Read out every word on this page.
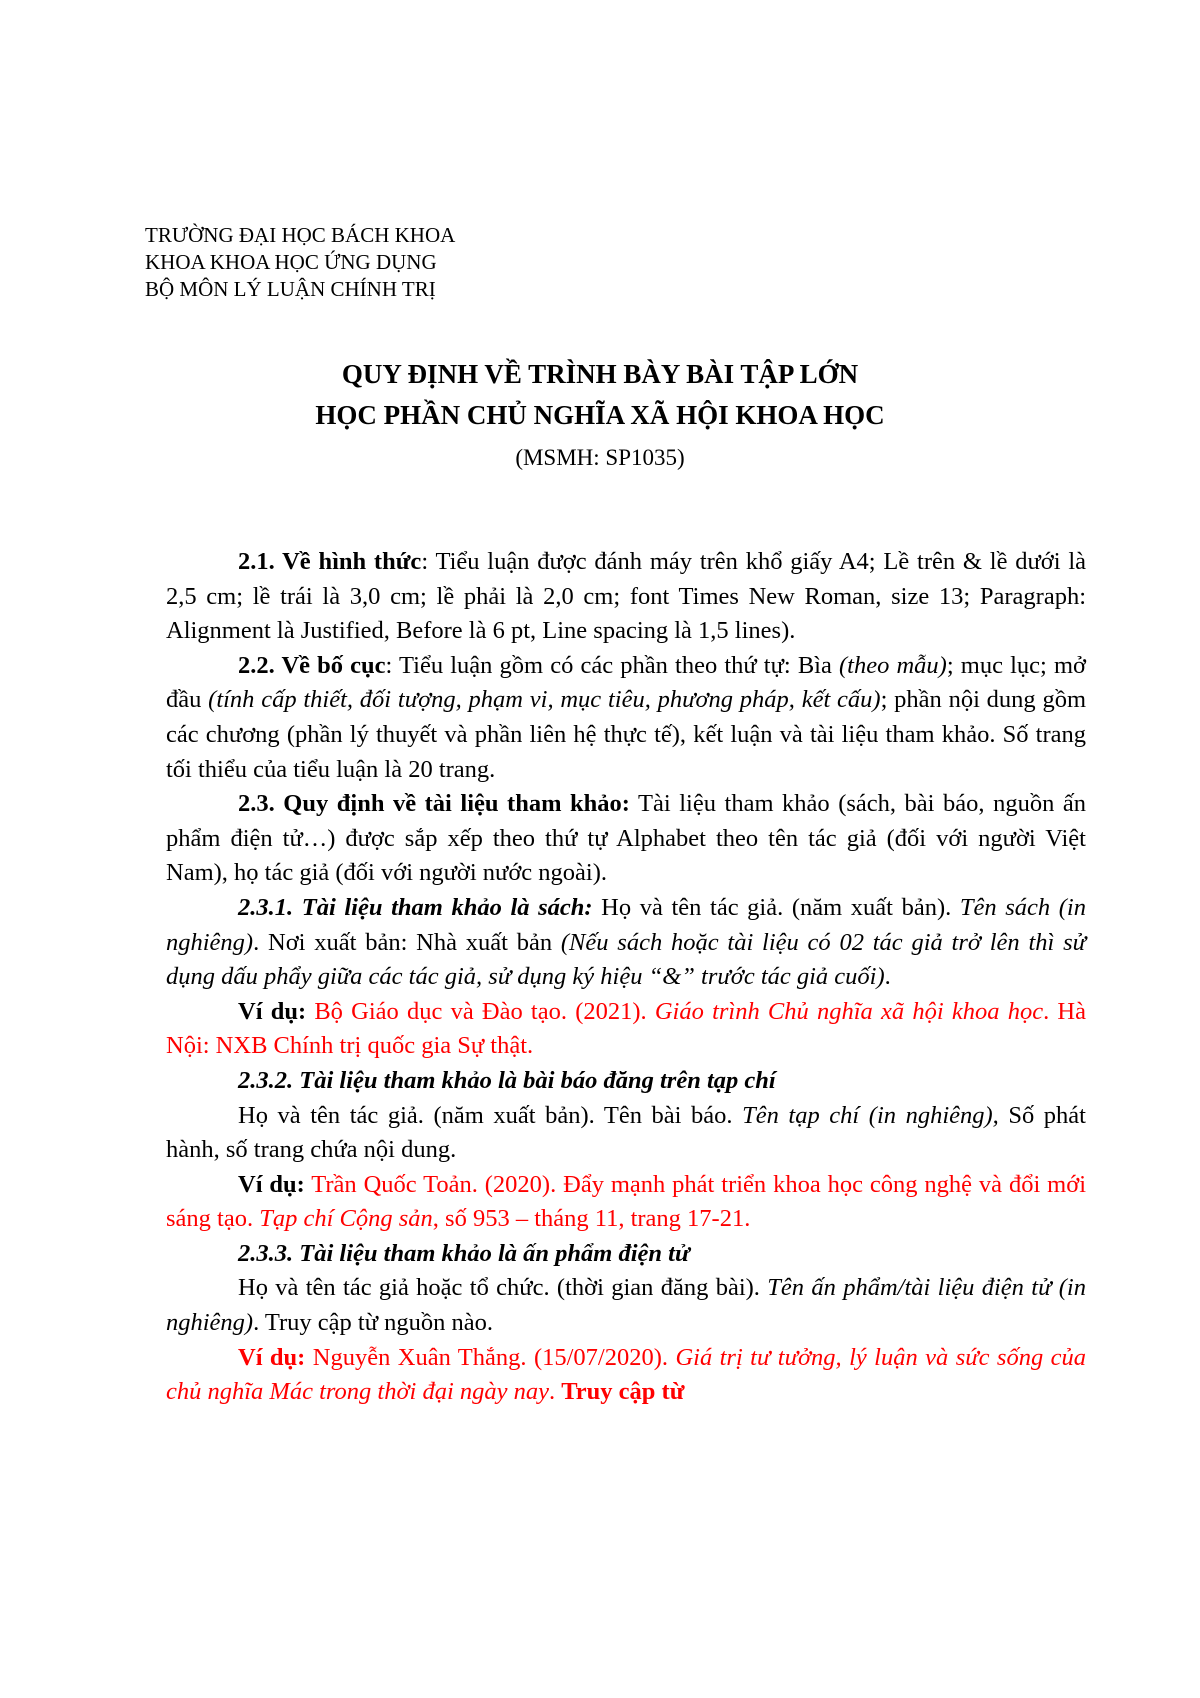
TRƯỜNG ĐẠI HỌC BÁCH KHOA
KHOA KHOA HỌC ỨNG DỤNG
BỘ MÔN LÝ LUẬN CHÍNH TRỊ
QUY ĐỊNH VỀ TRÌNH BÀY BÀI TẬP LỚN
HỌC PHẦN CHỦ NGHĨA XÃ HỘI KHOA HỌC
(MSMH: SP1035)

2.1. Về hình thức: Tiểu luận được đánh máy trên khổ giấy A4; Lề trên & lề dưới là 2,5 cm; lề trái là 3,0 cm; lề phải là 2,0 cm; font Times New Roman, size 13; Paragraph: Alignment là Justified, Before là 6 pt, Line spacing là 1,5 lines).

2.2. Về bố cục: Tiểu luận gồm có các phần theo thứ tự: Bìa (theo mẫu); mục lục; mở đầu (tính cấp thiết, đối tượng, phạm vi, mục tiêu, phương pháp, kết cấu); phần nội dung gồm các chương (phần lý thuyết và phần liên hệ thực tế), kết luận và tài liệu tham khảo. Số trang tối thiểu của tiểu luận là 20 trang.

2.3. Quy định về tài liệu tham khảo: Tài liệu tham khảo (sách, bài báo, nguồn ấn phẩm điện tử…) được sắp xếp theo thứ tự Alphabet theo tên tác giả (đối với người Việt Nam), họ tác giả (đối với người nước ngoài).

2.3.1. Tài liệu tham khảo là sách: Họ và tên tác giả. (năm xuất bản). Tên sách (in nghiêng). Nơi xuất bản: Nhà xuất bản (Nếu sách hoặc tài liệu có 02 tác giả trở lên thì sử dụng dấu phẩy giữa các tác giả, sử dụng ký hiệu “&” trước tác giả cuối).

Ví dụ: Bộ Giáo dục và Đào tạo. (2021). Giáo trình Chủ nghĩa xã hội khoa học. Hà Nội: NXB Chính trị quốc gia Sự thật.

2.3.2. Tài liệu tham khảo là bài báo đăng trên tạp chí

Họ và tên tác giả. (năm xuất bản). Tên bài báo. Tên tạp chí (in nghiêng), Số phát hành, số trang chứa nội dung.

Ví dụ: Trần Quốc Toản. (2020). Đẩy mạnh phát triển khoa học công nghệ và đổi mới sáng tạo. Tạp chí Cộng sản, số 953 – tháng 11, trang 17-21.

2.3.3. Tài liệu tham khảo là ấn phẩm điện tử

Họ và tên tác giả hoặc tổ chức. (thời gian đăng bài). Tên ấn phẩm/tài liệu điện tử (in nghiêng). Truy cập từ nguồn nào.

Ví dụ: Nguyễn Xuân Thắng. (15/07/2020). Giá trị tư tưởng, lý luận và sức sống của chủ nghĩa Mác trong thời đại ngày nay. Truy cập từ
